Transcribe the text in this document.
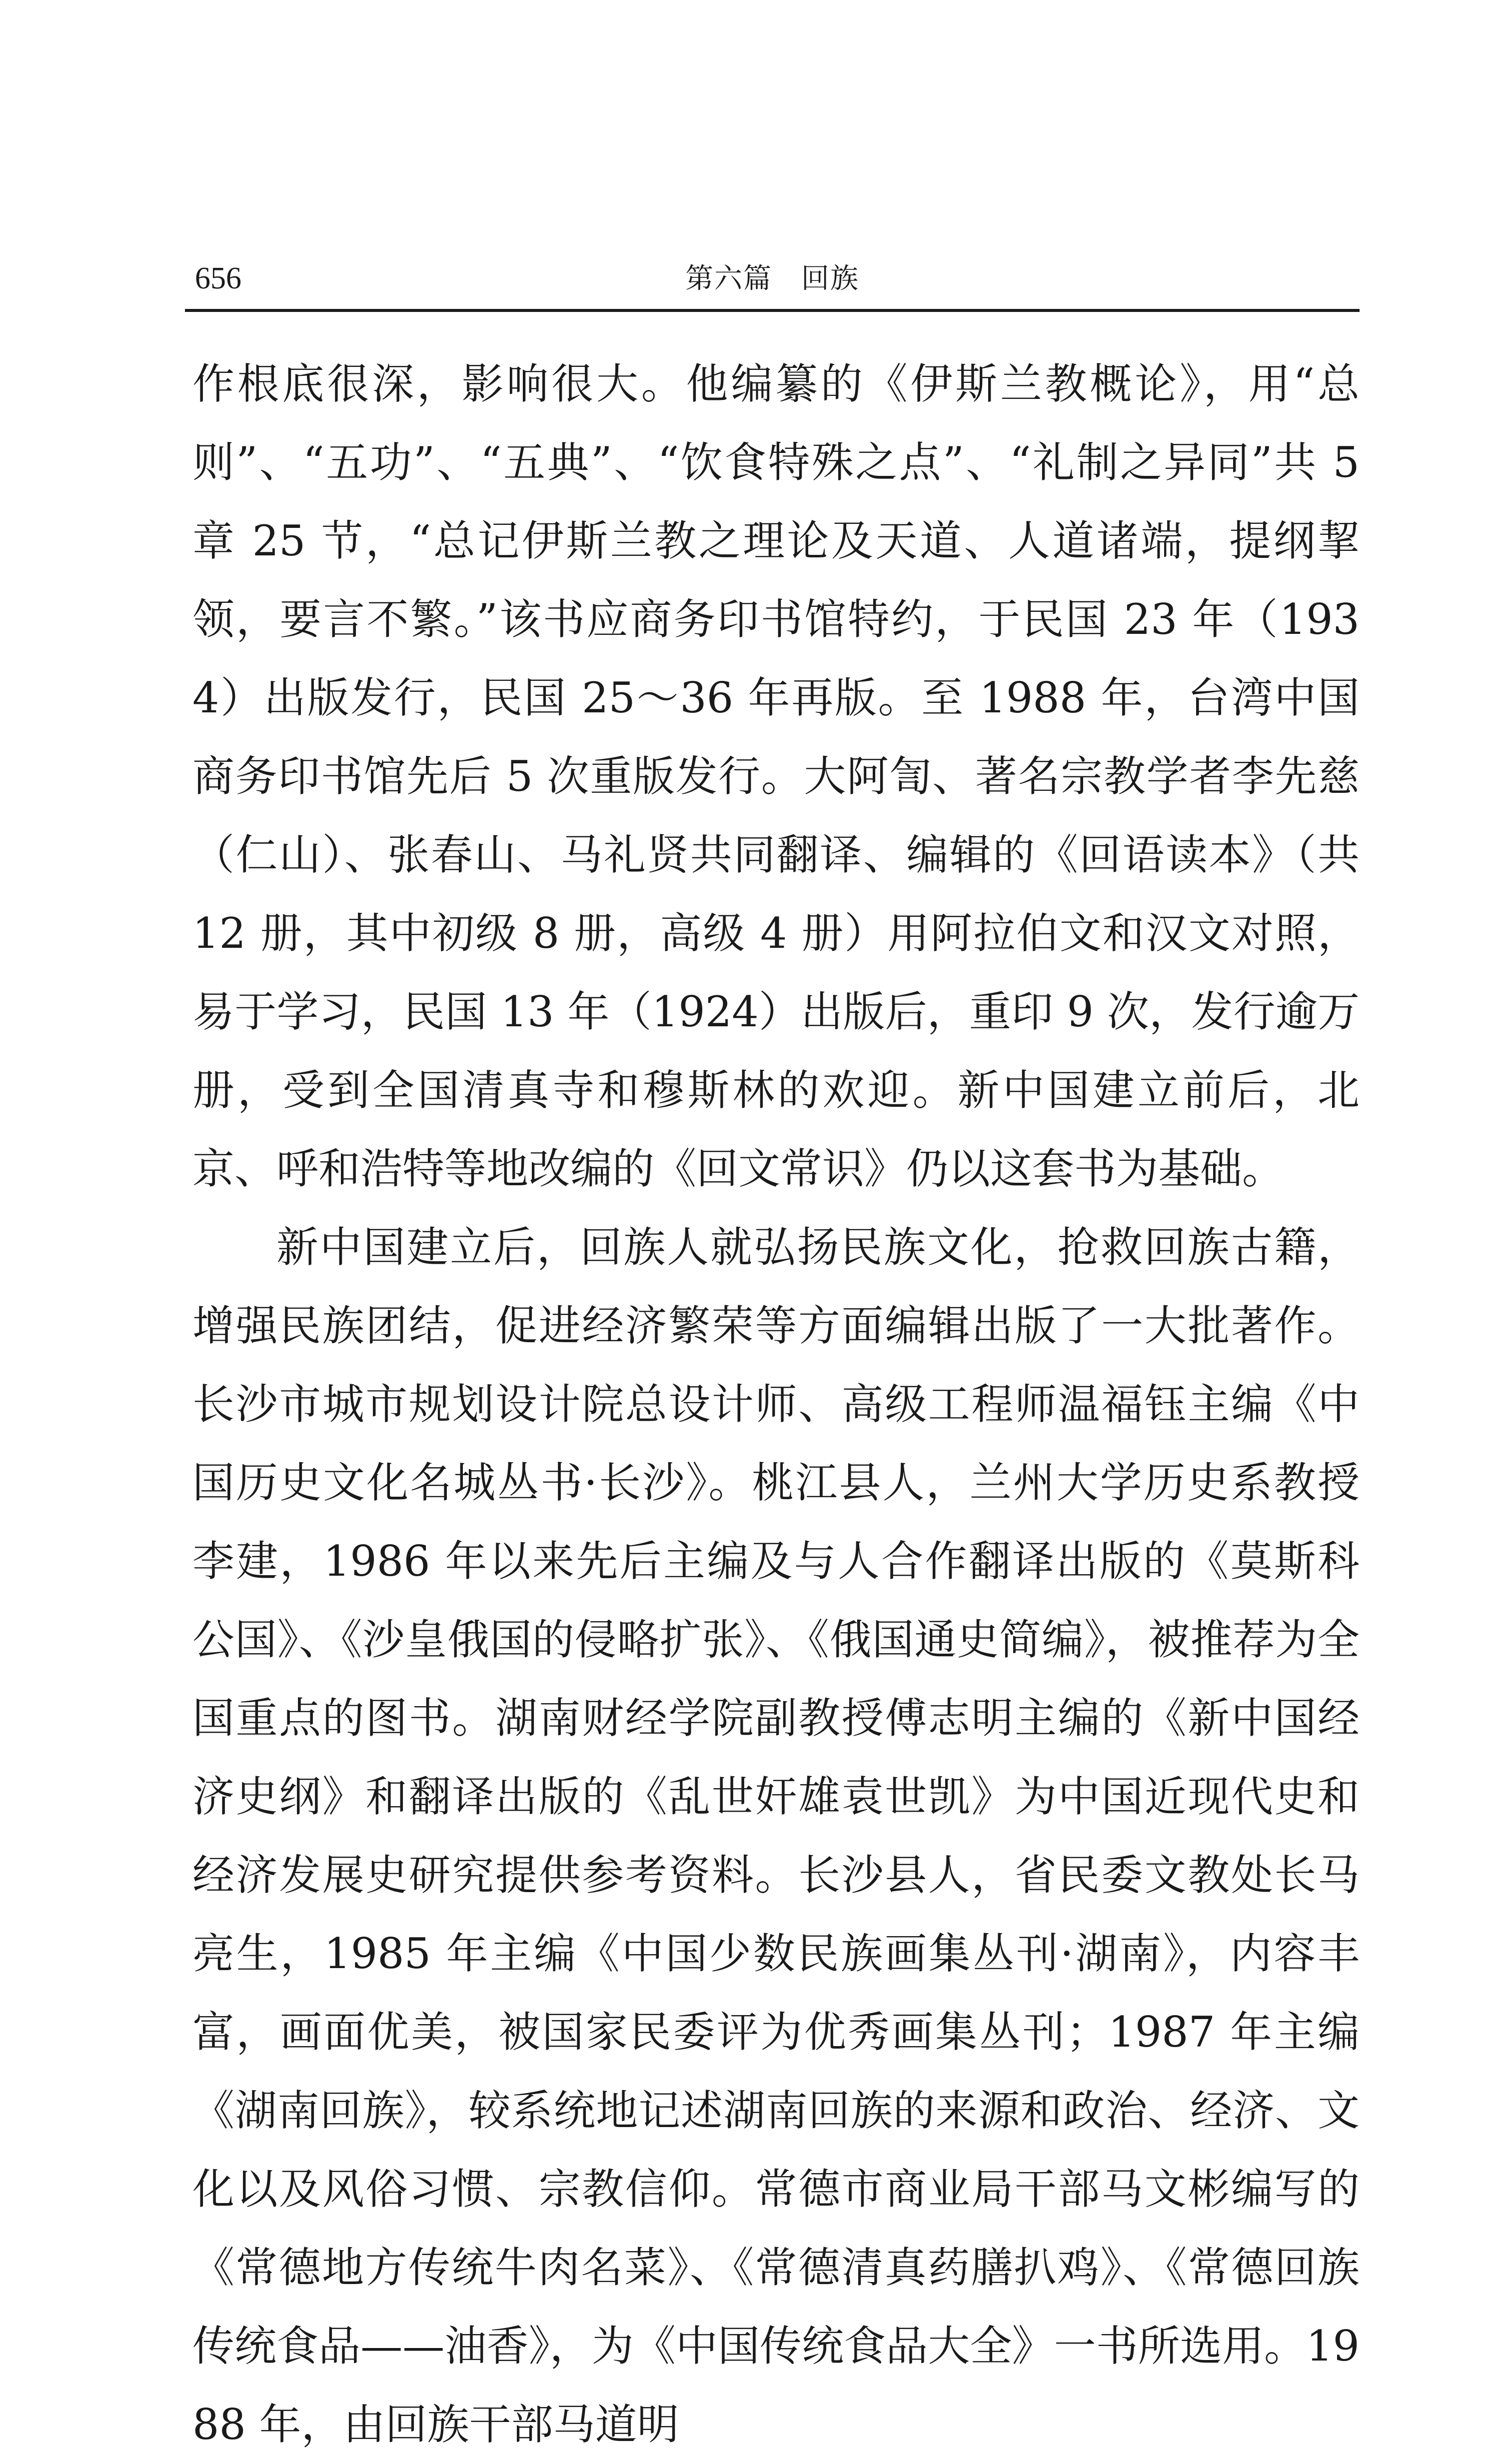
656	第六篇　回族

作根底很深，影响很大。他编纂的《伊斯兰教概论》，用“总则”、“五功”、“五典”、“饮食特殊之点”、“礼制之异同”共 5 章 25 节，“总记伊斯兰教之理论及天道、人道诸端，提纲挈领，要言不繁。”该书应商务印书馆特约，于民国 23 年（1934）出版发行，民国 25～36 年再版。至 1988 年，台湾中国商务印书馆先后 5 次重版发行。大阿訇、著名宗教学者李先慈（仁山）、张春山、马礼贤共同翻译、编辑的《回语读本》（共 12 册，其中初级 8 册，高级 4 册）用阿拉伯文和汉文对照，易于学习，民国 13 年（1924）出版后，重印 9 次，发行逾万册，受到全国清真寺和穆斯林的欢迎。新中国建立前后，北京、呼和浩特等地改编的《回文常识》仍以这套书为基础。

新中国建立后，回族人就弘扬民族文化，抢救回族古籍，增强民族团结，促进经济繁荣等方面编辑出版了一大批著作。长沙市城市规划设计院总设计师、高级工程师温福钰主编《中国历史文化名城丛书·长沙》。桃江县人，兰州大学历史系教授李建，1986 年以来先后主编及与人合作翻译出版的《莫斯科公国》、《沙皇俄国的侵略扩张》、《俄国通史简编》，被推荐为全国重点的图书。湖南财经学院副教授傅志明主编的《新中国经济史纲》和翻译出版的《乱世奸雄袁世凯》为中国近现代史和经济发展史研究提供参考资料。长沙县人，省民委文教处长马亮生，1985 年主编《中国少数民族画集丛刊·湖南》，内容丰富，画面优美，被国家民委评为优秀画集丛刊；1987 年主编《湖南回族》，较系统地记述湖南回族的来源和政治、经济、文化以及风俗习惯、宗教信仰。常德市商业局干部马文彬编写的《常德地方传统牛肉名菜》、《常德清真药膳扒鸡》、《常德回族传统食品——油香》，为《中国传统食品大全》一书所选用。1988 年，由回族干部马道明
